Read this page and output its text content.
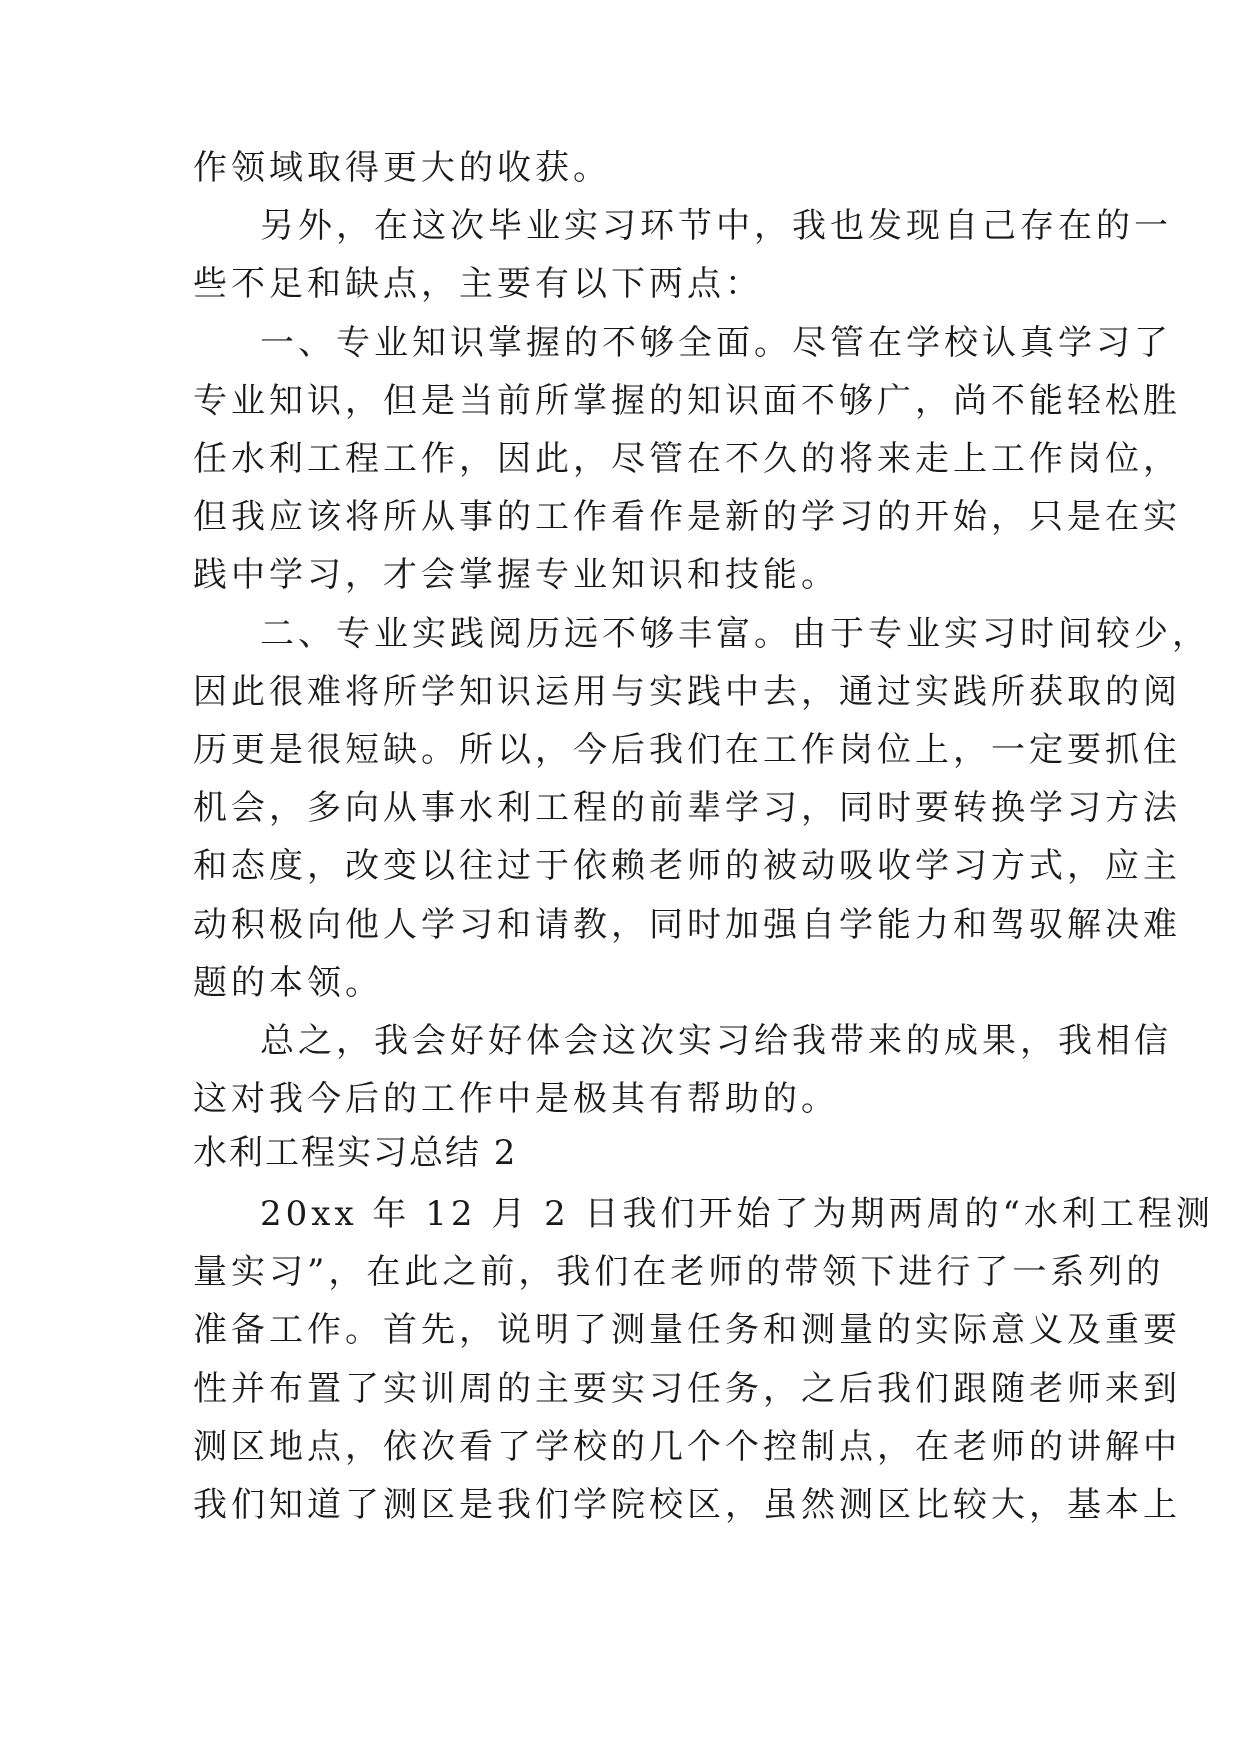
作领域取得更大的收获。
另外，在这次毕业实习环节中，我也发现自己存在的一
些不足和缺点，主要有以下两点：
一、专业知识掌握的不够全面。尽管在学校认真学习了
专业知识，但是当前所掌握的知识面不够广，尚不能轻松胜
任水利工程工作，因此，尽管在不久的将来走上工作岗位，
但我应该将所从事的工作看作是新的学习的开始，只是在实
践中学习，才会掌握专业知识和技能。
二、专业实践阅历远不够丰富。由于专业实习时间较少，
因此很难将所学知识运用与实践中去，通过实践所获取的阅
历更是很短缺。所以，今后我们在工作岗位上，一定要抓住
机会，多向从事水利工程的前辈学习，同时要转换学习方法
和态度，改变以往过于依赖老师的被动吸收学习方式，应主
动积极向他人学习和请教，同时加强自学能力和驾驭解决难
题的本领。
总之，我会好好体会这次实习给我带来的成果，我相信
这对我今后的工作中是极其有帮助的。
水利工程实习总结 2
20xx 年 12 月 2 日我们开始了为期两周的“水利工程测
量实习”，在此之前，我们在老师的带领下进行了一系列的
准备工作。首先，说明了测量任务和测量的实际意义及重要
性并布置了实训周的主要实习任务，之后我们跟随老师来到
测区地点，依次看了学校的几个个控制点，在老师的讲解中
我们知道了测区是我们学院校区，虽然测区比较大，基本上
